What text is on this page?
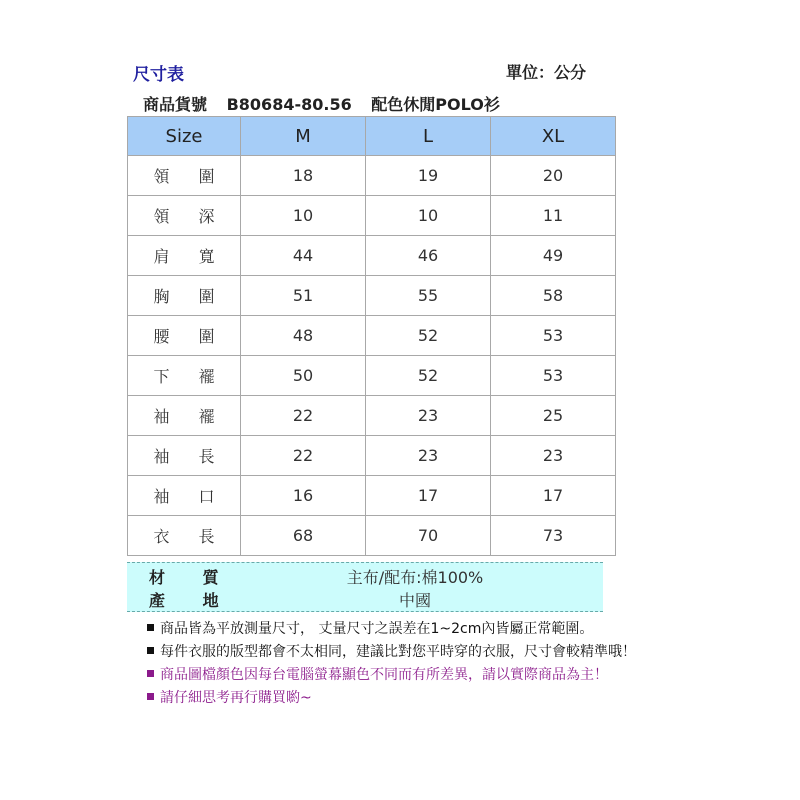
尺寸表	單位：公分
商品貨號 B80684-80.56 配色休閒POLO衫
Size	M	L	XL
領 圍	18	19	20
領 深	10	10	11
肩 寬	44	46	49
胸 圍	51	55	58
腰 圍	48	52	53
下 襬	50	52	53
袖 襬	22	23	25
袖 長	22	23	23
袖 口	16	17	17
衣 長	68	70	73
材 質	主布/配布:棉100%
產 地	中國
商品皆為平放測量尺寸， 丈量尺寸之誤差在1~2cm內皆屬正常範圍。
每件衣服的版型都會不太相同，建議比對您平時穿的衣服，尺寸會較精準哦！
商品圖檔顏色因每台電腦螢幕顯色不同而有所差異，請以實際商品為主！
請仔細思考再行購買喲~
